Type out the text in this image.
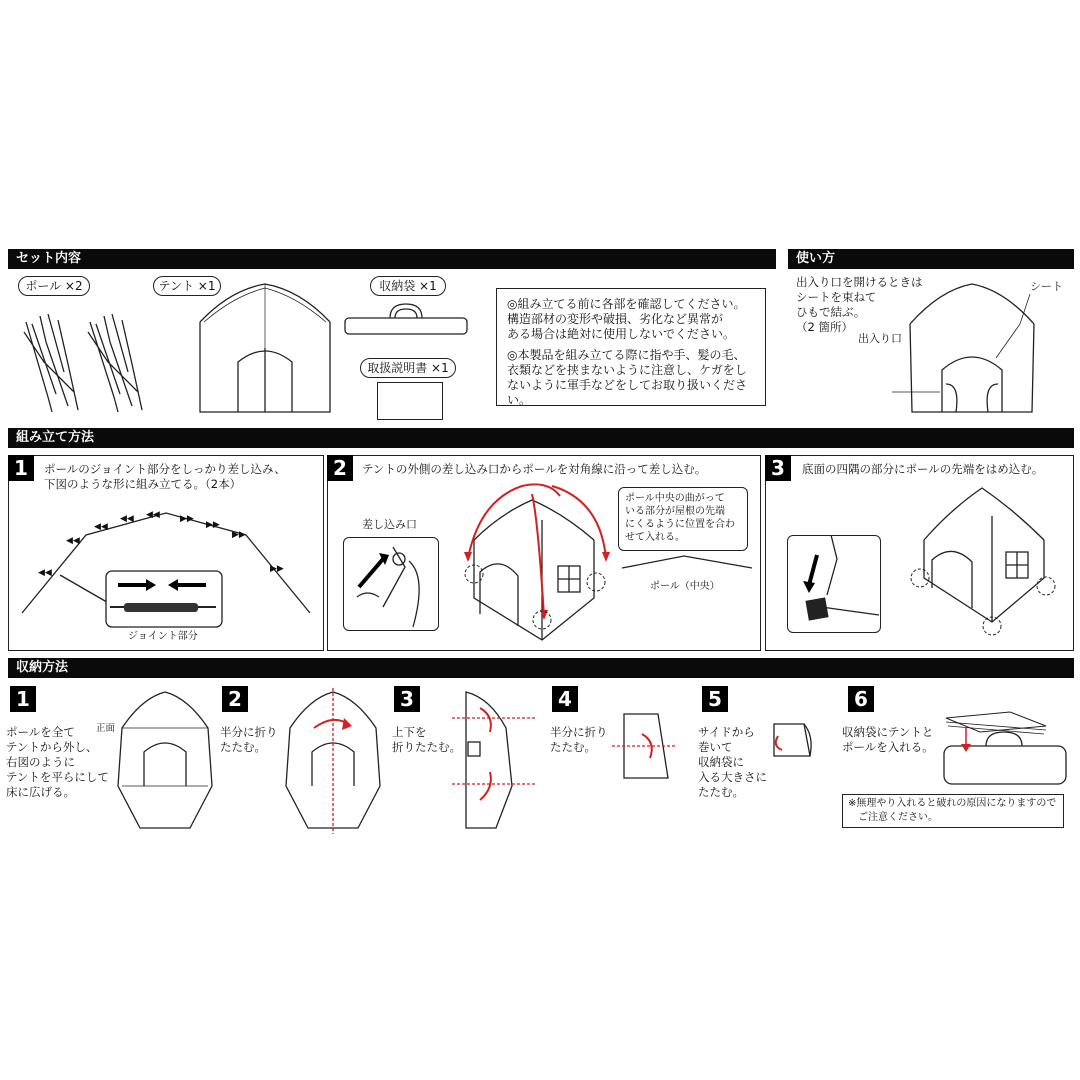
セット内容	使い方
ポール ×2	テント ×1	収納袋 ×1
取扱説明書 ×1
◎組み立てる前に各部を確認してください。
構造部材の変形や破損、劣化など異常が
ある場合は絶対に使用しないでください。
◎本製品を組み立てる際に指や手、髪の毛、
衣類などを挟まないように注意し、ケガをし
ないように軍手などをしてお取り扱いください。
出入り口を開けるときは
シートを束ねて
ひもで結ぶ。
（2 箇所）
シート
出入り口
組み立て方法
1	ポールのジョイント部分をしっかり差し込み、
下図のような形に組み立てる。（2本）
◀◀
◀◀
◀◀
◀◀ ◀◀ ▶▶
▶▶
▶▶
▶▶
ジョイント部分
2	テントの外側の差し込み口からポールを対角線に沿って差し込む。
差し込み口
ポール中央の曲がって
いる部分が屋根の先端
にくるように位置を合わ
せて入れる。
ポール（中央）
3	底面の四隅の部分にポールの先端をはめ込む。
収納方法
1
ポールを全て
テントから外し、
右図のように
テントを平らにして
床に広げる。
正面
2
半分に折り
たたむ。
3
上下を
折りたたむ。
4
半分に折り
たたむ。
5
サイドから
巻いて
収納袋に
入る大きさに
たたむ。
6
収納袋にテントと
ポールを入れる。
※無理やり入れると破れの原因になりますので
　ご注意ください。
